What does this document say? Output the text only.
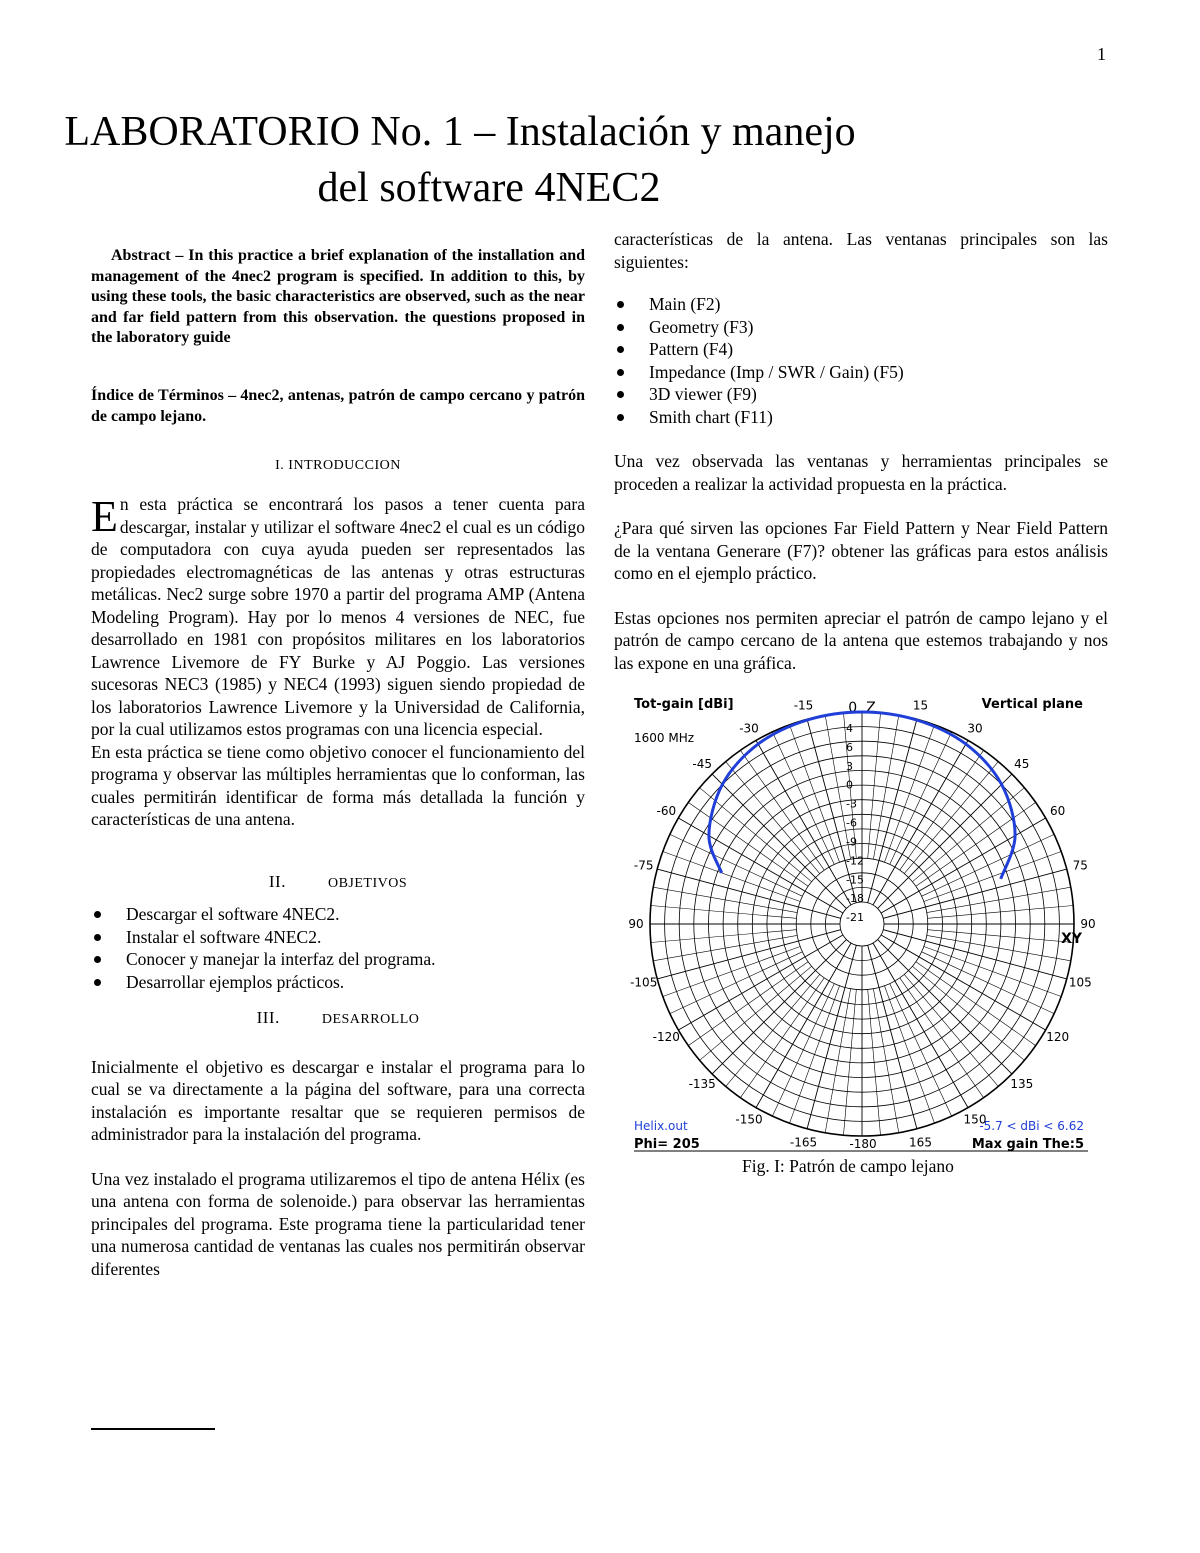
1
LABORATORIO No. 1 – Instalación y manejo
del software 4NEC2

Abstract – In this practice a brief explanation of the installation and management of the 4nec2 program is specified. In addition to this, by using these tools, the basic characteristics are observed, such as the near and far field pattern from this observation. the questions proposed in the laboratory guide

Índice de Términos – 4nec2, antenas, patrón de campo cercano y patrón de campo lejano.

I. INTRODUCCION

En esta práctica se encontrará los pasos a tener cuenta para descargar, instalar y utilizar el software 4nec2 el cual es un código de computadora con cuya ayuda pueden ser representados las propiedades electromagnéticas de las antenas y otras estructuras metálicas. Nec2 surge sobre 1970 a partir del programa AMP (Antena Modeling Program). Hay por lo menos 4 versiones de NEC, fue desarrollado en 1981 con propósitos militares en los laboratorios Lawrence Livemore de FY Burke y AJ Poggio. Las versiones sucesoras NEC3 (1985) y NEC4 (1993) siguen siendo propiedad de los laboratorios Lawrence Livemore y la Universidad de California, por la cual utilizamos estos programas con una licencia especial.

En esta práctica se tiene como objetivo conocer el funcionamiento del programa y observar las múltiples herramientas que lo conforman, las cuales permitirán identificar de forma más detallada la función y características de una antena.

II.	OBJETIVOS

Descargar el software 4NEC2.
Instalar el software 4NEC2.
Conocer y manejar la interfaz del programa.
Desarrollar ejemplos prácticos.

III.	DESARROLLO

Inicialmente el objetivo es descargar e instalar el programa para lo cual se va directamente a la página del software, para una correcta instalación es importante resaltar que se requieren permisos de administrador para la instalación del programa.

Una vez instalado el programa utilizaremos el tipo de antena Hélix (es una antena con forma de solenoide.) para observar las herramientas principales del programa. Este programa tiene la particularidad tener una numerosa cantidad de ventanas las cuales nos permitirán observar diferentes

características de la antena. Las ventanas principales son las siguientes:

Main (F2)
Geometry (F3)
Pattern (F4)
Impedance (Imp / SWR / Gain) (F5)
3D viewer (F9)
Smith chart (F11)

Una vez observada las ventanas y herramientas principales se proceden a realizar la actividad propuesta en la práctica.

¿Para qué sirven las opciones Far Field Pattern y Near Field Pattern de la ventana Generare (F7)? obtener las gráficas para estos análisis como en el ejemplo práctico.

Estas opciones nos permiten apreciar el patrón de campo lejano y el patrón de campo cercano de la antena que estemos trabajando y nos las expone en una gráfica.

Tot-gain [dBi]
1600 MHz
Vertical plane
0  Z
XY
Helix.out
Phi= 205
-5.7 < dBi < 6.62
Max gain The:5
-180
-15
-30
-45
-60
-75
90
-105
-120
-135
-150
-165
15
30
45
60
75
90
105
120
135
150
165
4
6
3
0
-3
-6
-9
-12
-15
-18
-21
Fig. I: Patrón de campo lejano
